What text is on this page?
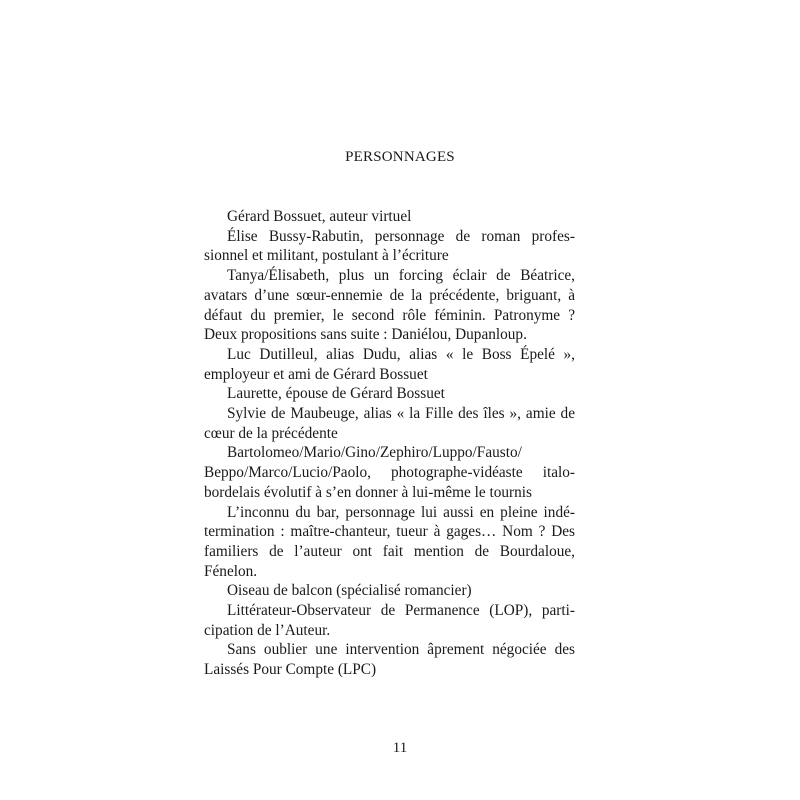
PERSONNAGES

Gérard Bossuet, auteur virtuel

Élise Bussy-Rabutin, personnage de roman professionnel et militant, postulant à l’écriture

Tanya/Élisabeth, plus un forcing éclair de Béatrice, avatars d’une sœur-ennemie de la précédente, briguant, à défaut du premier, le second rôle féminin. Patronyme ? Deux propositions sans suite : Daniélou, Dupanloup.

Luc Dutilleul, alias Dudu, alias « le Boss Épelé », employeur et ami de Gérard Bossuet

Laurette, épouse de Gérard Bossuet

Sylvie de Maubeuge, alias « la Fille des îles », amie de cœur de la précédente

Bartolomeo/Mario/Gino/Zephiro/Luppo/Fausto/​Beppo/Marco/Lucio/Paolo, photographe-vidéaste italo-bordelais évolutif à s’en donner à lui-même le tournis

L’inconnu du bar, personnage lui aussi en pleine indétermination : maître-chanteur, tueur à gages… Nom ? Des familiers de l’auteur ont fait mention de Bourdaloue, Fénelon.

Oiseau de balcon (spécialisé romancier)

Littérateur-Observateur de Permanence (LOP), participation de l’Auteur.

Sans oublier une intervention âprement négociée des Laissés Pour Compte (LPC)

11
